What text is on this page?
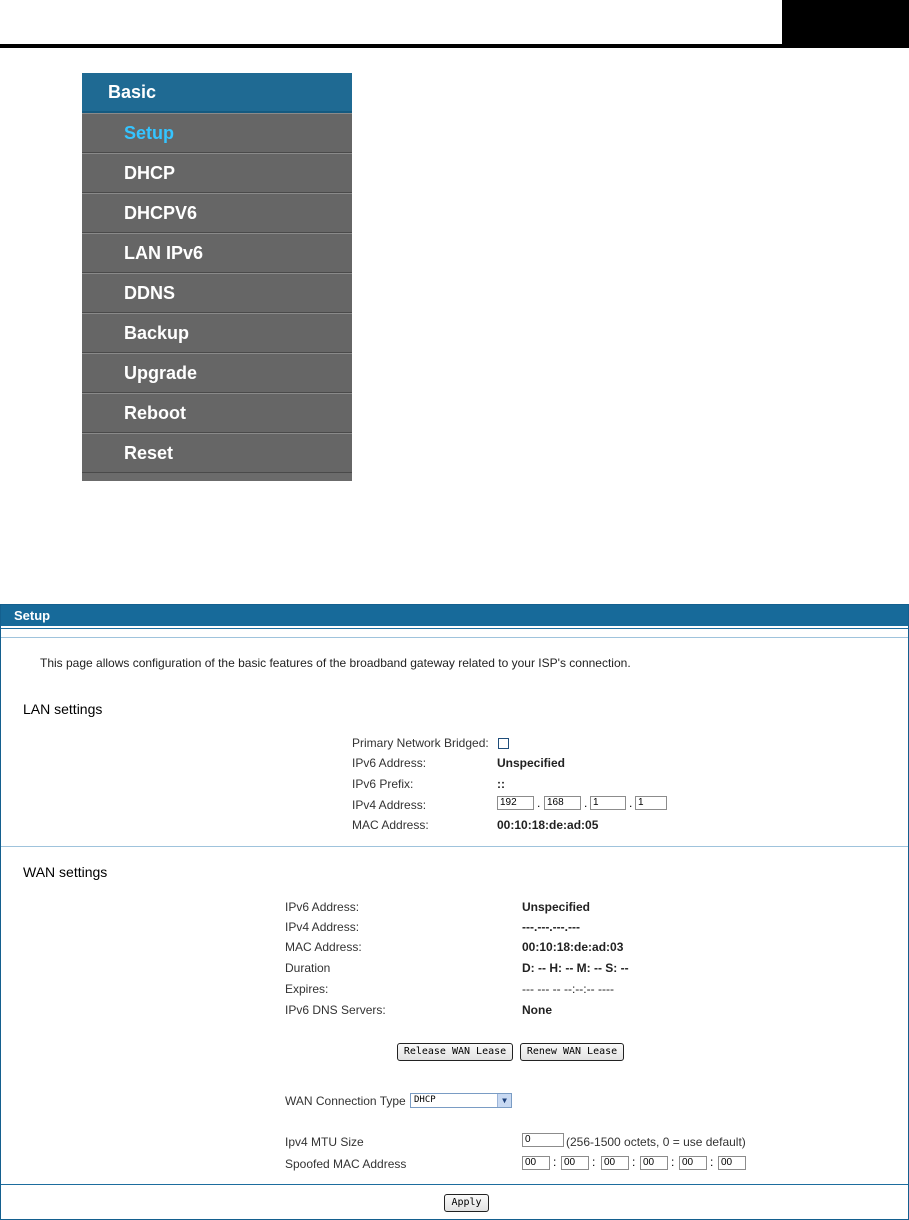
Basic
Setup
DHCP
DHCPV6
LAN IPv6
DDNS
Backup
Upgrade
Reboot
Reset
Setup
This page allows configuration of the basic features of the broadband gateway related to your ISP's connection.
LAN settings
Primary Network Bridged:
IPv6 Address:	Unspecified
IPv6 Prefix:	::
IPv4 Address:	192	. 168	. 1	. 1
MAC Address:	00:10:18:de:ad:05
WAN settings
IPv6 Address:	Unspecified
IPv4 Address:	---.---.---.---
MAC Address:	00:10:18:de:ad:03
Duration	D: -- H: -- M: -- S: --
Expires:	--- --- -- --:--:-- ----
IPv6 DNS Servers:	None
Release WAN Lease	Renew WAN Lease
WAN Connection Type DHCP	▼
Ipv4 MTU Size	0	(256-1500 octets, 0 = use default)
Spoofed MAC Address	00	: 00	: 00	: 00	: 00	: 00
Apply
